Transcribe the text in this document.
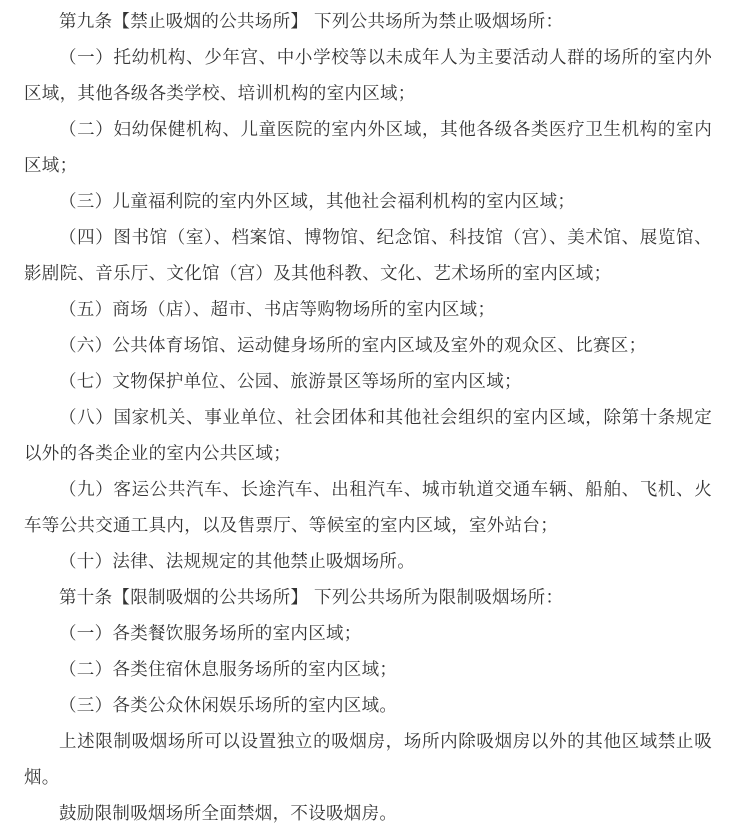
第九条【禁止吸烟的公共场所】 下列公共场所为禁止吸烟场所：

（一）托幼机构、少年宫、中小学校等以未成年人为主要活动人群的场所的室内外区域，其他各级各类学校、培训机构的室内区域；

（二）妇幼保健机构、儿童医院的室内外区域，其他各级各类医疗卫生机构的室内区域；

（三）儿童福利院的室内外区域，其他社会福利机构的室内区域；

（四）图书馆（室）、档案馆、博物馆、纪念馆、科技馆（宫）、美术馆、展览馆、影剧院、音乐厅、文化馆（宫）及其他科教、文化、艺术场所的室内区域；

（五）商场（店）、超市、书店等购物场所的室内区域；

（六）公共体育场馆、运动健身场所的室内区域及室外的观众区、比赛区；

（七）文物保护单位、公园、旅游景区等场所的室内区域；

（八）国家机关、事业单位、社会团体和其他社会组织的室内区域，除第十条规定以外的各类企业的室内公共区域；

（九）客运公共汽车、长途汽车、出租汽车、城市轨道交通车辆、船舶、飞机、火车等公共交通工具内，以及售票厅、等候室的室内区域，室外站台；

（十）法律、法规规定的其他禁止吸烟场所。

第十条【限制吸烟的公共场所】 下列公共场所为限制吸烟场所：

（一）各类餐饮服务场所的室内区域；

（二）各类住宿休息服务场所的室内区域；

（三）各类公众休闲娱乐场所的室内区域。

上述限制吸烟场所可以设置独立的吸烟房，场所内除吸烟房以外的其他区域禁止吸烟。

鼓励限制吸烟场所全面禁烟，不设吸烟房。
